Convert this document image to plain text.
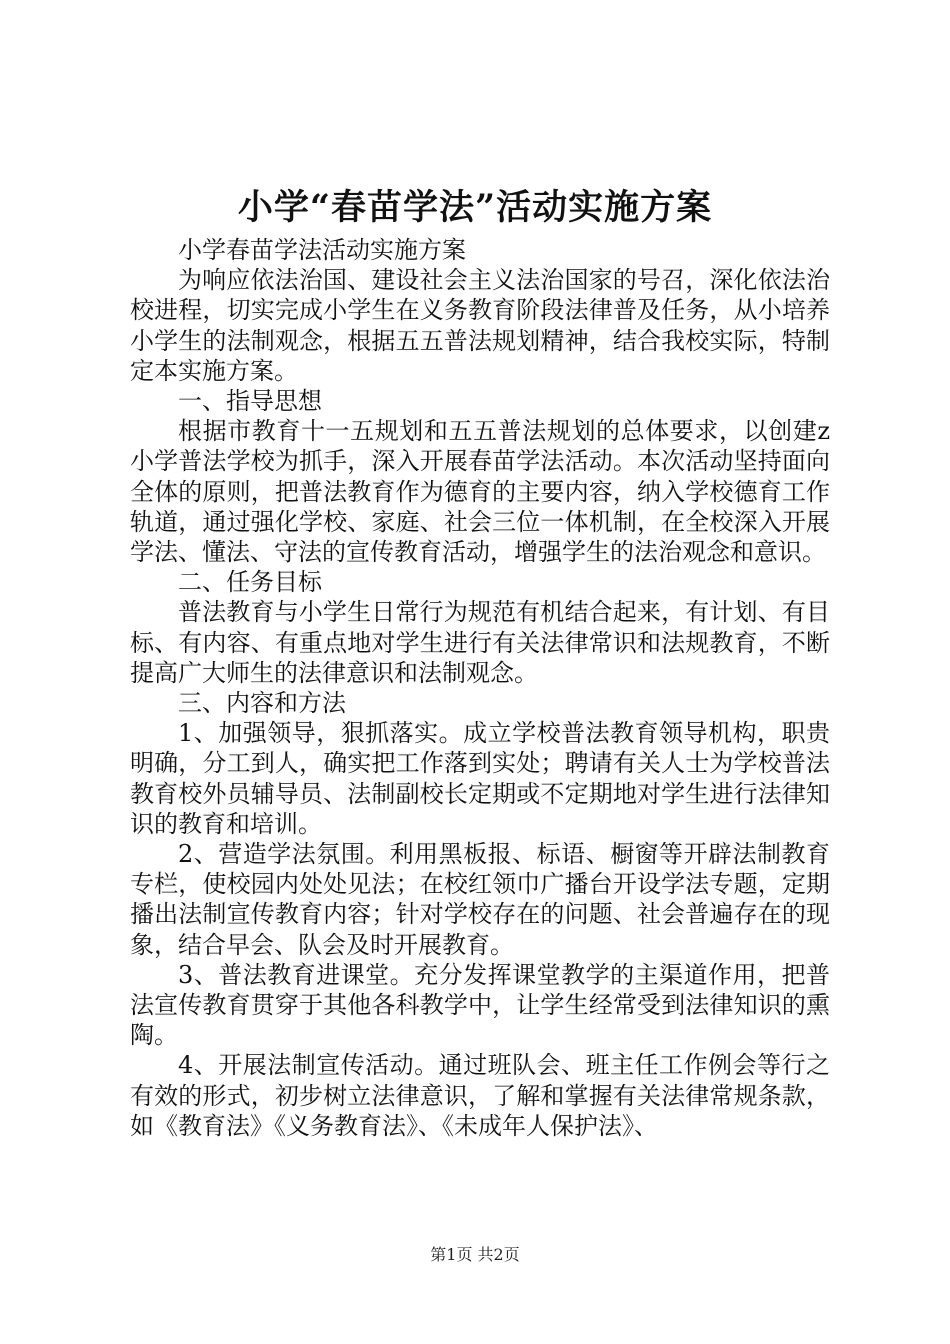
小学“春苗学法”活动实施方案

小学春苗学法活动实施方案

为响应依法治国、建设社会主义法治国家的号召，深化依法治校进程，切实完成小学生在义务教育阶段法律普及任务，从小培养小学生的法制观念，根据五五普法规划精神，结合我校实际，特制定本实施方案。

一、指导思想

根据市教育十一五规划和五五普法规划的总体要求，以创建z小学普法学校为抓手，深入开展春苗学法活动。本次活动坚持面向全体的原则，把普法教育作为德育的主要内容，纳入学校德育工作轨道，通过强化学校、家庭、社会三位一体机制，在全校深入开展学法、懂法、守法的宣传教育活动，增强学生的法治观念和意识。

二、任务目标

普法教育与小学生日常行为规范有机结合起来，有计划、有目标、有内容、有重点地对学生进行有关法律常识和法规教育，不断提高广大师生的法律意识和法制观念。

三、内容和方法

1、加强领导，狠抓落实。成立学校普法教育领导机构，职贵明确，分工到人，确实把工作落到实处；聘请有关人士为学校普法教育校外员辅导员、法制副校长定期或不定期地对学生进行法律知识的教育和培训。

2、营造学法氛围。利用黑板报、标语、橱窗等开辟法制教育专栏，使校园内处处见法；在校红领巾广播台开设学法专题，定期播出法制宣传教育内容；针对学校存在的问题、社会普遍存在的现象，结合早会、队会及时开展教育。

3、普法教育进课堂。充分发挥课堂教学的主渠道作用，把普法宣传教育贯穿于其他各科教学中，让学生经常受到法律知识的熏陶。

4、开展法制宣传活动。通过班队会、班主任工作例会等行之有效的形式，初步树立法律意识，了解和掌握有关法律常规条款，如《教育法》《义务教育法》、《未成年人保护法》、

第1页 共2页
